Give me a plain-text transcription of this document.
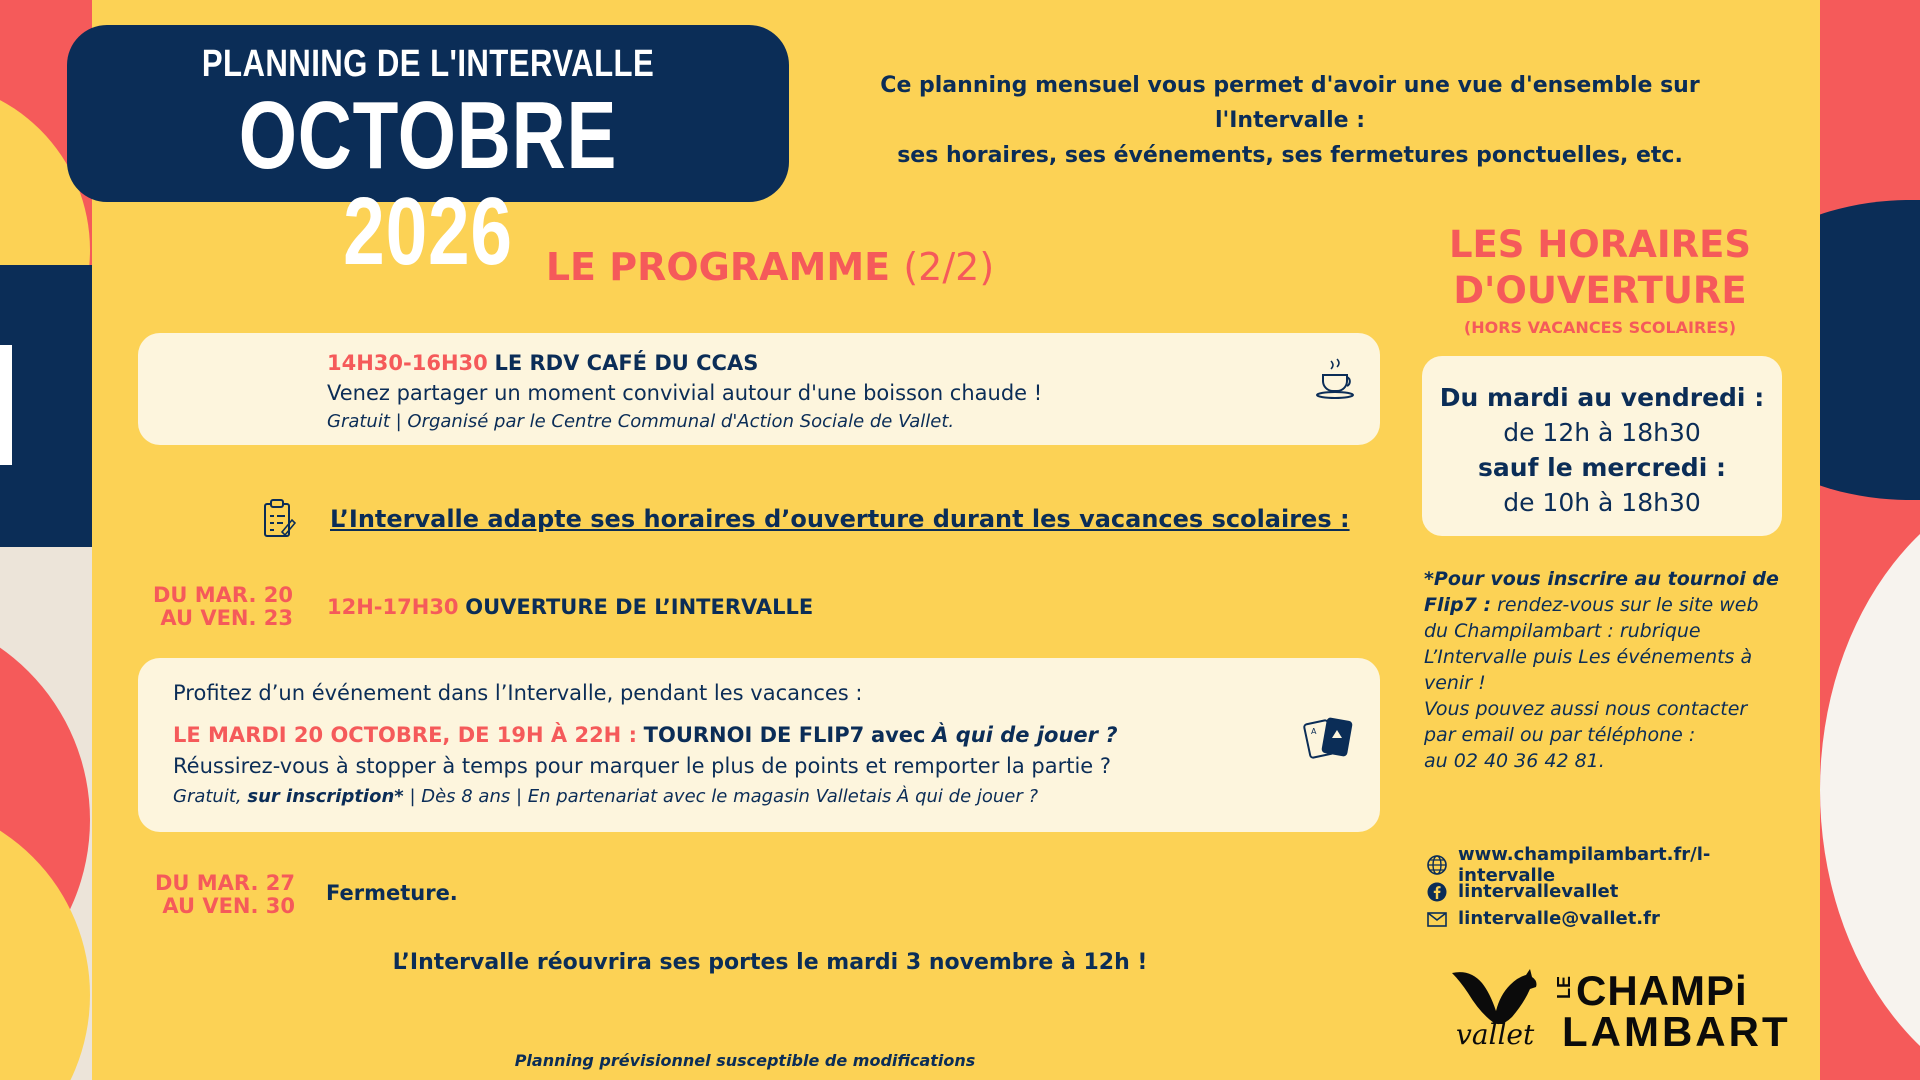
PLANNING DE L'INTERVALLE
OCTOBRE 2026
Ce planning mensuel vous permet d'avoir une vue d'ensemble sur l'Intervalle :
ses horaires, ses événements, ses fermetures ponctuelles, etc.
LE PROGRAMME (2/2)
14H30-16H30 LE RDV CAFÉ DU CCAS
Venez partager un moment convivial autour d'une boisson chaude !
Gratuit | Organisé par le Centre Communal d'Action Sociale de Vallet.
L’Intervalle adapte ses horaires d’ouverture durant les vacances scolaires :
DU MAR. 20
AU VEN. 23 12H-17H30 OUVERTURE DE L’INTERVALLE
Profitez d’un événement dans l’Intervalle, pendant les vacances :
LE MARDI 20 OCTOBRE, DE 19H À 22H : TOURNOI DE FLIP7 avec À qui de jouer ?
Réussirez-vous à stopper à temps pour marquer le plus de points et remporter la partie ?
Gratuit, sur inscription* | Dès 8 ans | En partenariat avec le magasin Valletais À qui de jouer ?
A
DU MAR. 27
AU VEN. 30
Fermeture.
L’Intervalle réouvrira ses portes le mardi 3 novembre à 12h !
Planning prévisionnel susceptible de modifications
LES HORAIRES
D'OUVERTURE
(HORS VACANCES SCOLAIRES)
Du mardi au vendredi :
de 12h à 18h30
sauf le mercredi :
de 10h à 18h30
*Pour vous inscrire au tournoi de Flip7 : rendez-vous sur le site web du Champilambart : rubrique L’Intervalle puis Les événements à venir !
Vous pouvez aussi nous contacter par email ou par téléphone :
au 02 40 36 42 81.
www.champilambart.fr/l-intervalle
lintervallevallet
lintervalle@vallet.fr
vallet
LE CHAMPi
LAMBART
